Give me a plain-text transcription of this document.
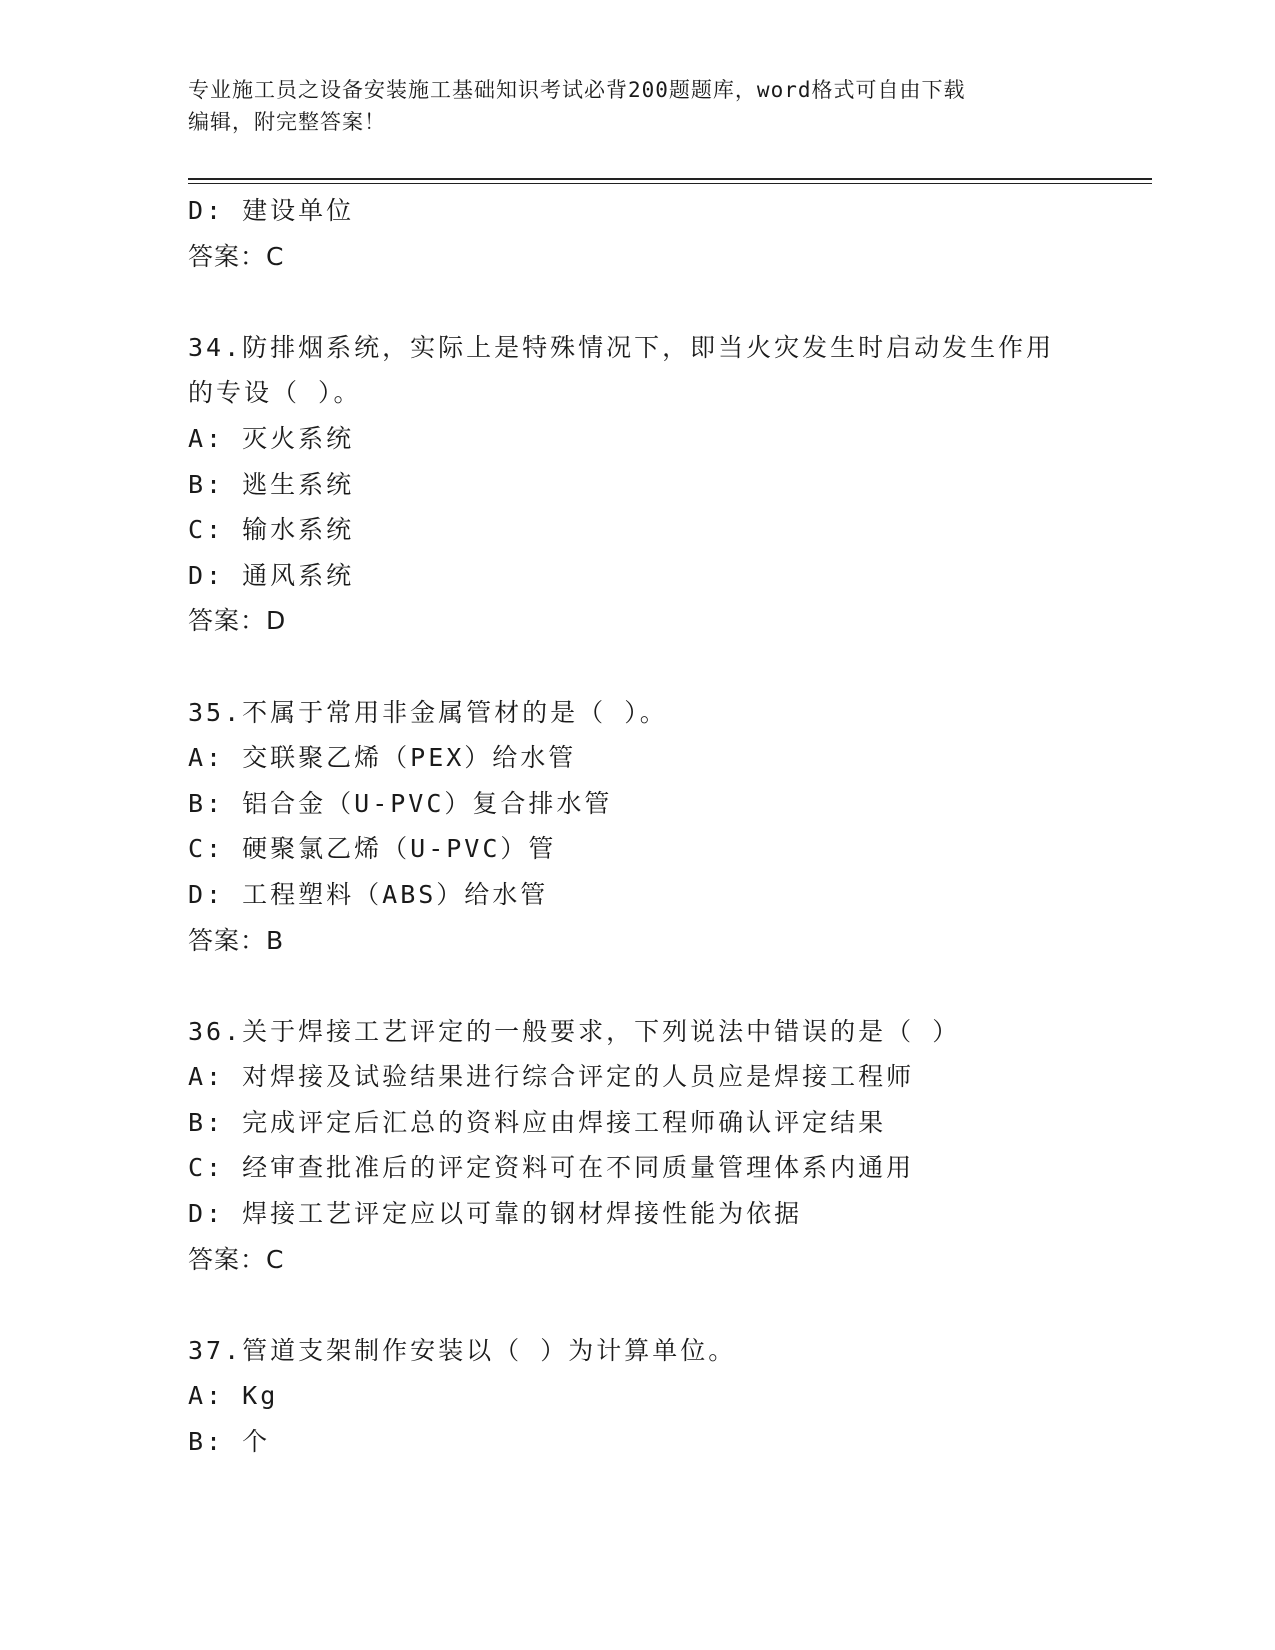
专业施工员之设备安装施工基础知识考试必背200题题库，word格式可自由下载
编辑，附完整答案！
D: 建设单位
答案：C
34.防排烟系统，实际上是特殊情况下，即当火灾发生时启动发生作用
的专设（ ）。
A: 灭火系统
B: 逃生系统
C: 输水系统
D: 通风系统
答案：D
35.不属于常用非金属管材的是（ ）。
A: 交联聚乙烯（PEX）给水管
B: 铝合金（U-PVC）复合排水管
C: 硬聚氯乙烯（U-PVC）管
D: 工程塑料（ABS）给水管
答案：B
36.关于焊接工艺评定的一般要求，下列说法中错误的是（ ）
A: 对焊接及试验结果进行综合评定的人员应是焊接工程师
B: 完成评定后汇总的资料应由焊接工程师确认评定结果
C: 经审查批准后的评定资料可在不同质量管理体系内通用
D: 焊接工艺评定应以可靠的钢材焊接性能为依据
答案：C
37.管道支架制作安装以（ ）为计算单位。
A: Kg
B: 个
